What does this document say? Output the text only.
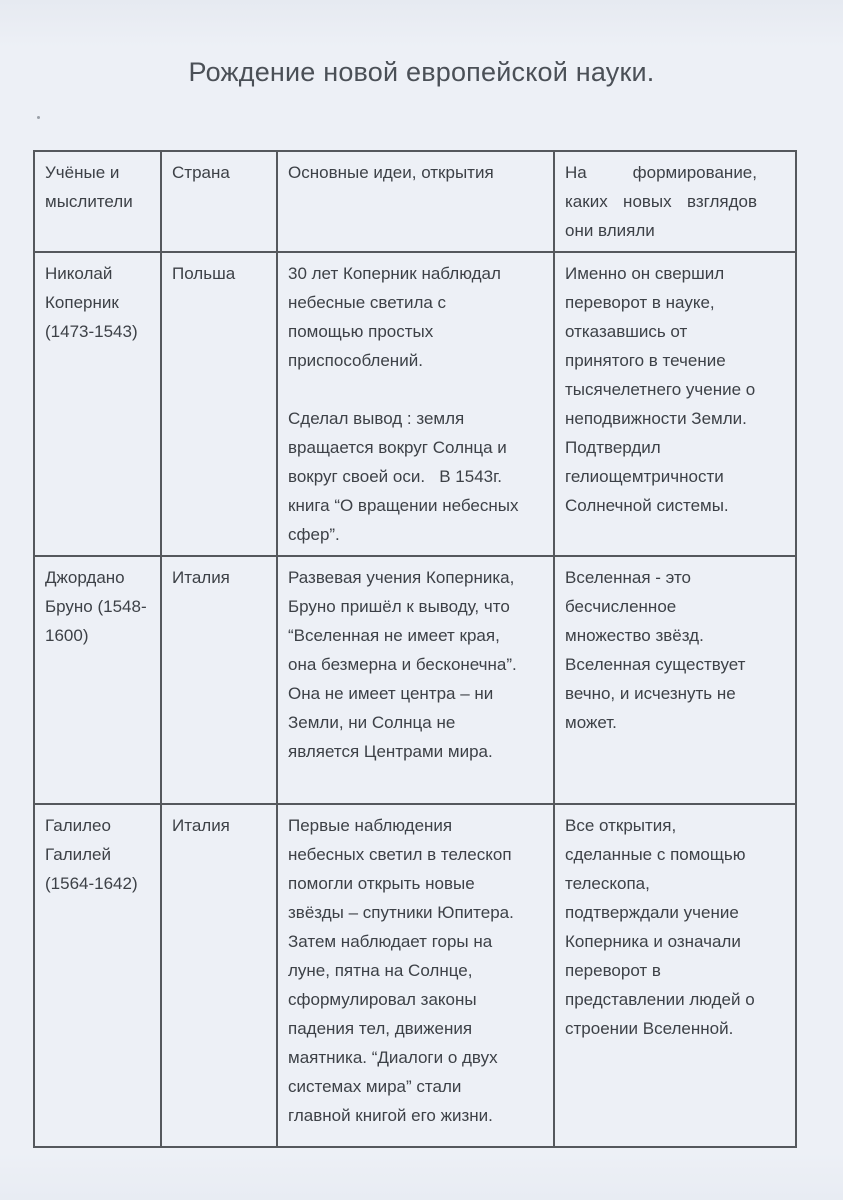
Рождение новой европейской науки.
Учёные и мыслители	Страна	Основные идеи, открытия	На формирование, каких новых взглядов они влияли
Николай Коперник (1473-1543)	Польша	30 лет Коперник наблюдал небесные светила с помощью простых приспособлений.

Сделал вывод : земля вращается вокруг Солнца и вокруг своей оси.   В 1543г. книга “О вращении небесных сфер”.	Именно он свершил переворот в науке, отказавшись от принятого в течение тысячелетнего учение о неподвижности Земли. Подтвердил гелиощемтричности Солнечной системы.
Джордано Бруно (1548-1600)	Италия	Развевая учения Коперника, Бруно пришёл к выводу, что “Вселенная не имеет края, она безмерна и бесконечна”. Она не имеет центра – ни Земли, ни Солнца не является Центрами мира.	Вселенная - это бесчисленное множество звёзд. Вселенная существует вечно, и исчезнуть не может.
Галилео Галилей (1564-1642)	Италия	Первые наблюдения небесных светил в телескоп помогли открыть новые звёзды – спутники Юпитера. Затем наблюдает горы на луне, пятна на Солнце, сформулировал законы падения тел, движения маятника. “Диалоги о двух системах мира” стали главной книгой его жизни.	Все открытия, сделанные с помощью телескопа, подтверждали учение Коперника и означали переворот в представлении людей о строении Вселенной.
